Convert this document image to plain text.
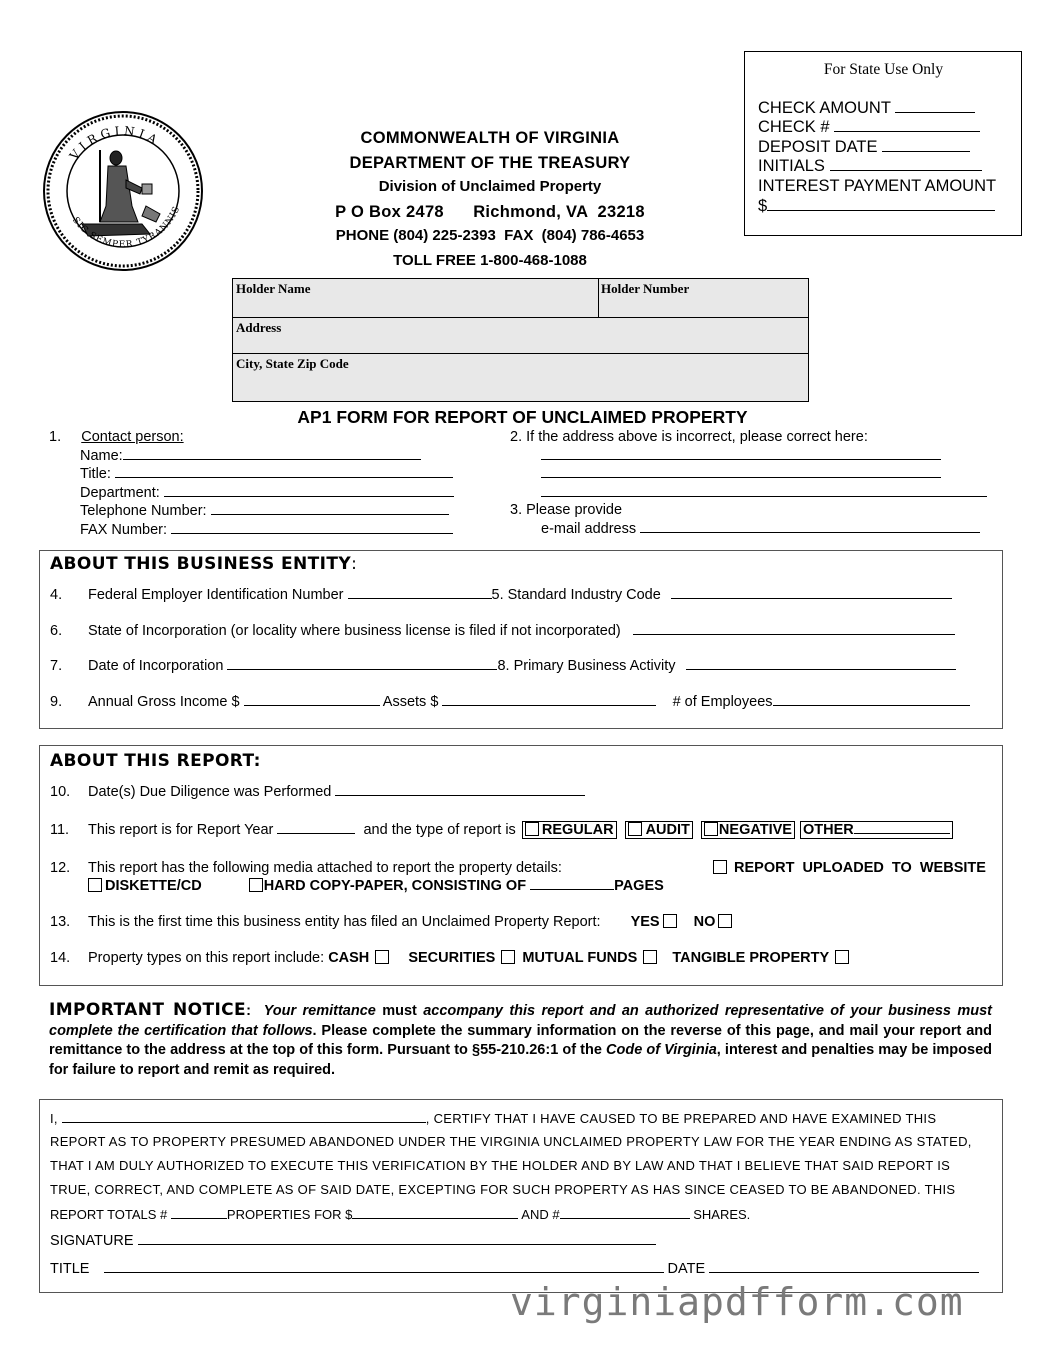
For State Use Only
CHECK AMOUNT
CHECK #
DEPOSIT DATE
INITIALS
INTEREST PAYMENT AMOUNT
$
VIRGINIA
SIC SEMPER TYRANNIS
COMMONWEALTH OF VIRGINIA
DEPARTMENT OF THE TREASURY
Division of Unclaimed Property
P O Box 2478      Richmond, VA  23218
PHONE (804) 225-2393  FAX  (804) 786-4653
TOLL FREE 1-800-468-1088
Holder Name	Holder Number
Address
City, State Zip Code
AP1 FORM FOR REPORT OF UNCLAIMED PROPERTY
1. Contact person:
Name:
Title:
Department:
Telephone Number:
FAX Number:
2. If the address above is incorrect, please correct here:
3. Please provide
e-mail address
ABOUT THIS BUSINESS ENTITY:
4. Federal Employer Identification Number	5. Standard Industry Code
6. State of Incorporation (or locality where business license is filed if not incorporated)
7. Date of Incorporation	8. Primary Business Activity
9. Annual Gross Income $	Assets $	# of Employees
ABOUT THIS REPORT:
10. Date(s) Due Diligence was Performed
11. This report is for Report Year	and the type of report is REGULAR AUDIT NEGATIVE OTHER
12. This report has the following media attached to report the property details:	REPORT  UPLOADED  TO  WEBSITE
DISKETTE/CD	HARD COPY-PAPER, CONSISTING OF	PAGES
13. This is the first time this business entity has filed an Unclaimed Property Report: YES NO
14. Property types on this report include: CASH	SECURITIES MUTUAL FUNDS TANGIBLE PROPERTY
IMPORTANT NOTICE: Your remittance must accompany this report and an authorized representative of your business must complete the certification that follows. Please complete the summary information on the reverse of this page, and mail your report and remittance to the address at the top of this form. Pursuant to §55-210.26:1 of the Code of Virginia, interest and penalties may be imposed for failure to report and remit as required.
I,	, CERTIFY THAT I HAVE CAUSED TO BE PREPARED AND HAVE EXAMINED THIS
REPORT AS TO PROPERTY PRESUMED ABANDONED UNDER THE VIRGINIA UNCLAIMED PROPERTY LAW FOR THE YEAR ENDING AS STATED,
THAT I AM DULY AUTHORIZED TO EXECUTE THIS VERIFICATION BY THE HOLDER AND BY LAW AND THAT I BELIEVE THAT SAID REPORT IS
TRUE, CORRECT, AND COMPLETE AS OF SAID DATE, EXCEPTING FOR SUCH PROPERTY AS HAS SINCE CEASED TO BE ABANDONED. THIS
REPORT TOTALS #	PROPERTIES FOR $	AND #	SHARES.
SIGNATURE
TITLE	DATE
virginiapdfform.com
